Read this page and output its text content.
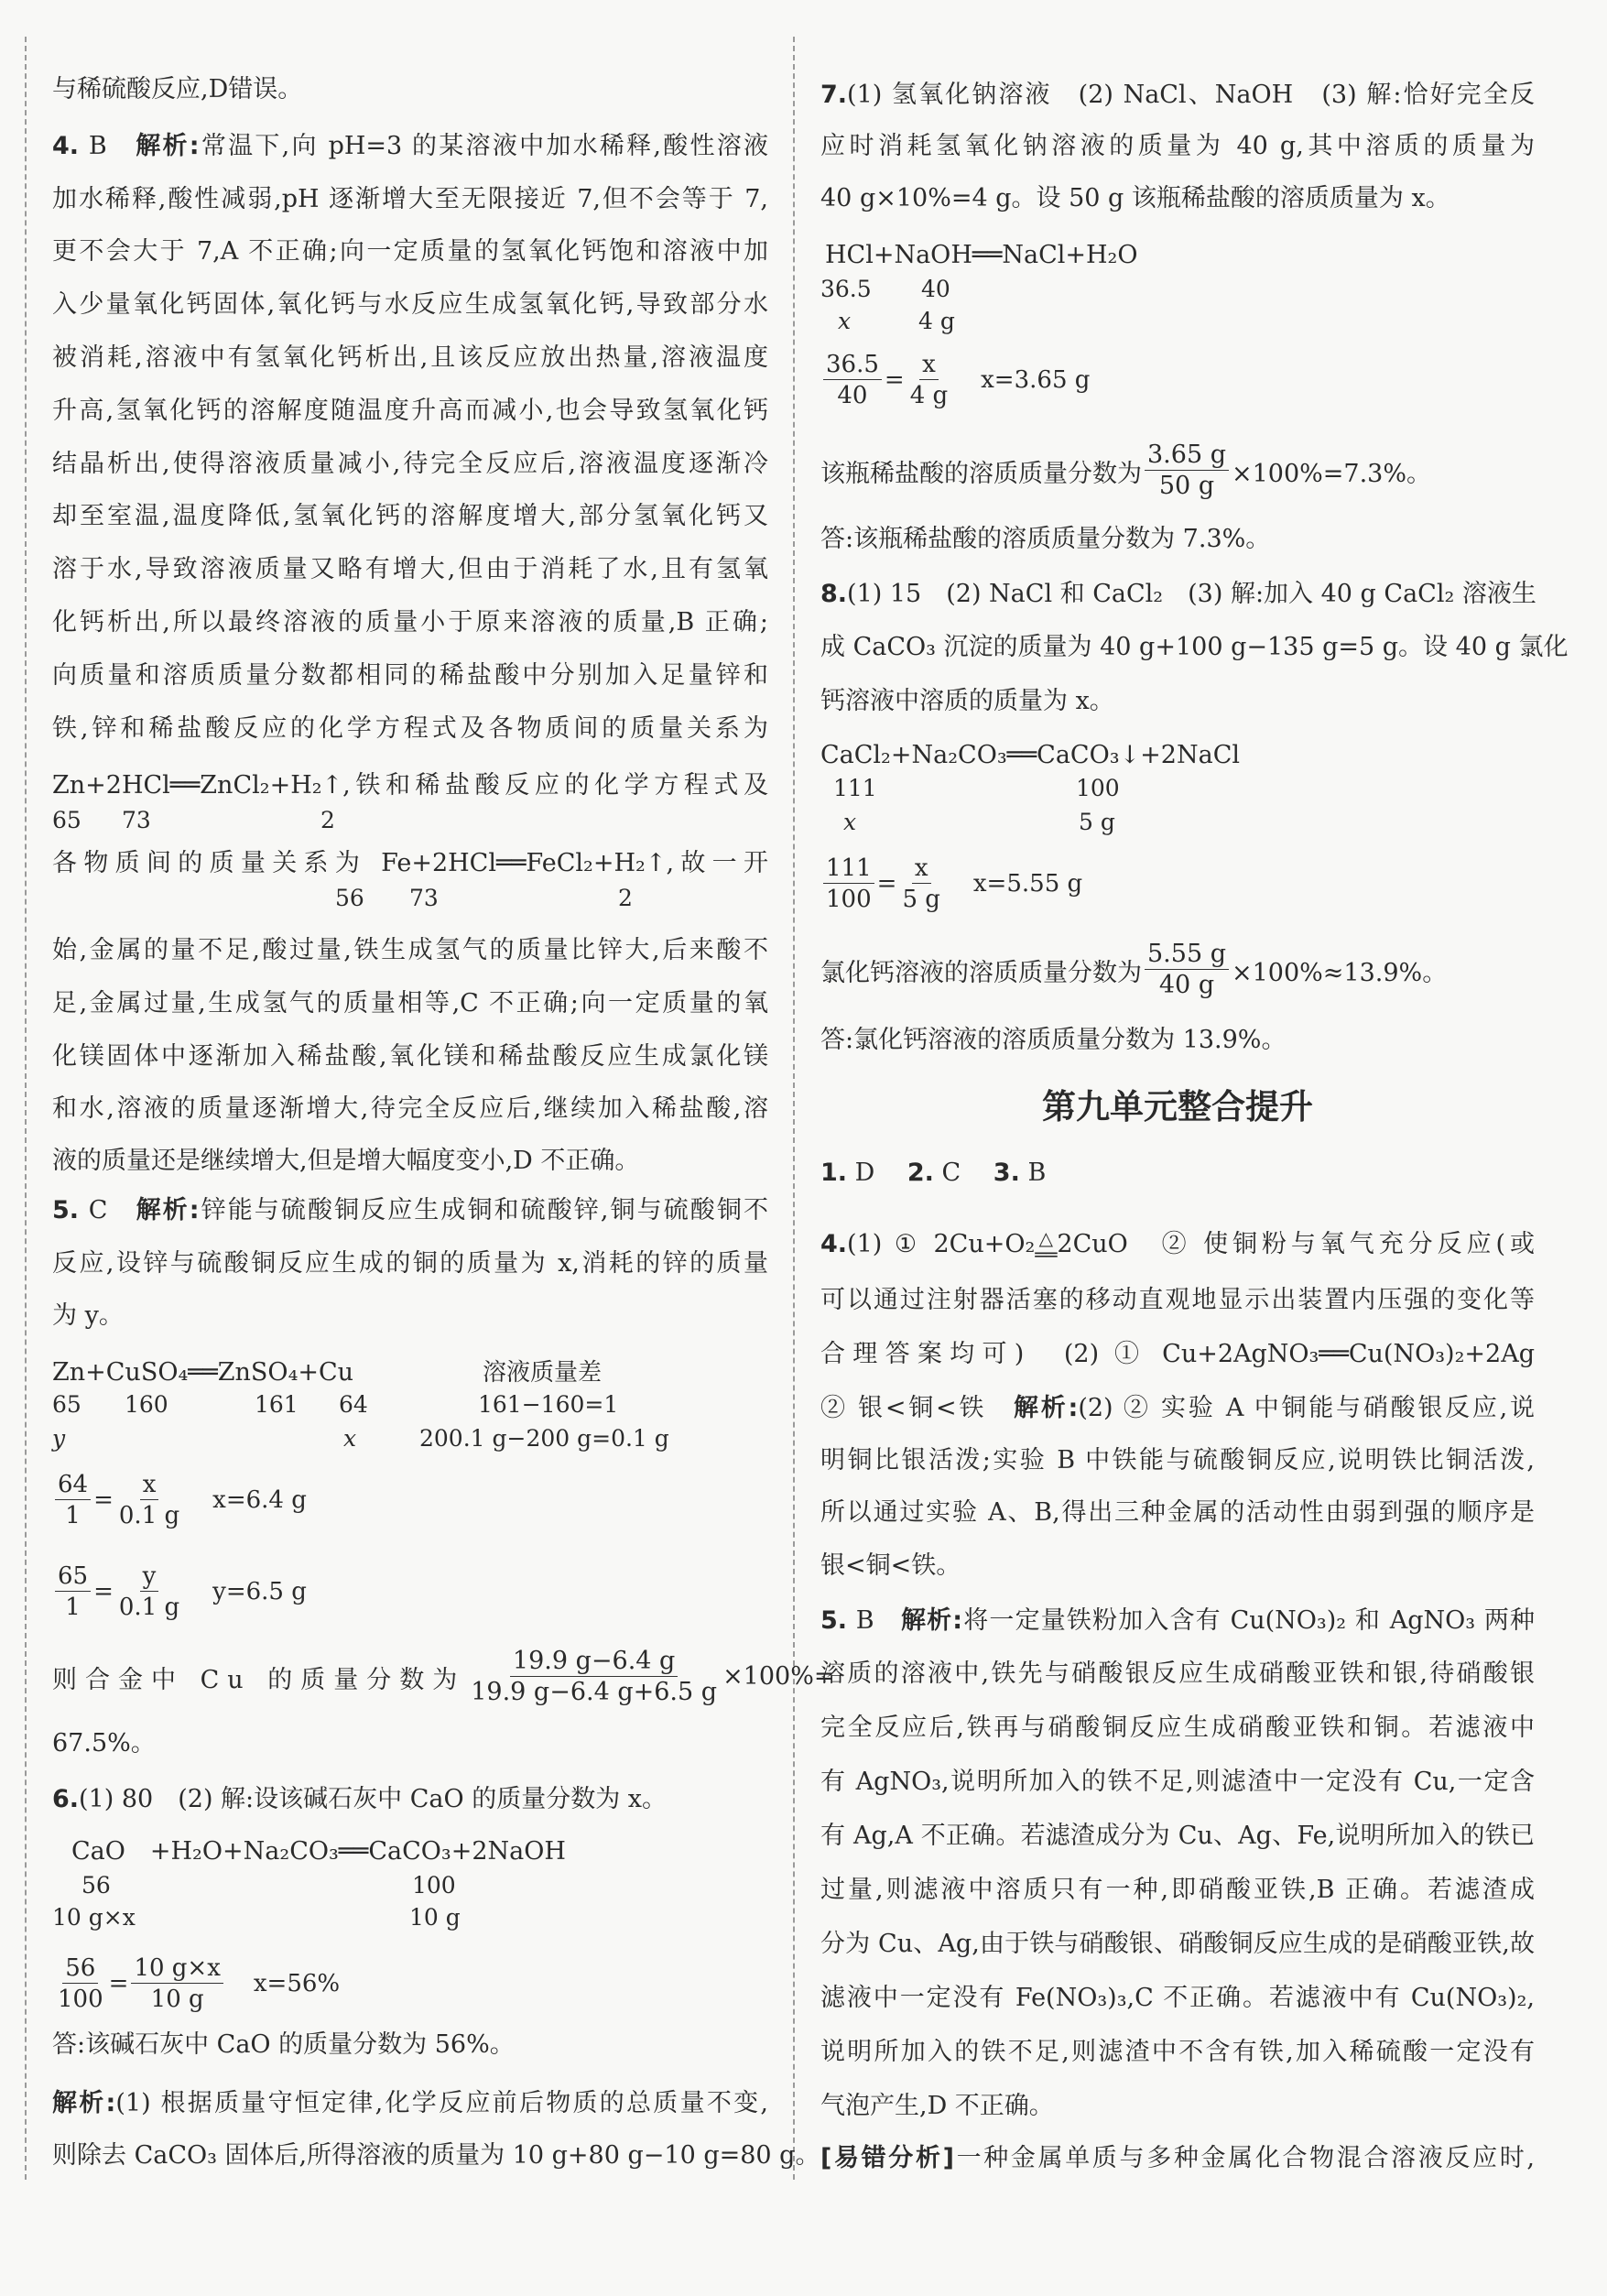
与稀硫酸反应,D错误。
4. B　 解析:常温下,向 pH=3 的某溶液中加水稀释,酸性溶液
加水稀释,酸性减弱,pH 逐渐增大至无限接近 7,但不会等于 7,
更不会大于 7,A 不正确;向一定质量的氢氧化钙饱和溶液中加
入少量氧化钙固体,氧化钙与水反应生成氢氧化钙,导致部分水
被消耗,溶液中有氢氧化钙析出,且该反应放出热量,溶液温度
升高,氢氧化钙的溶解度随温度升高而减小,也会导致氢氧化钙
结晶析出,使得溶液质量减小,待完全反应后,溶液温度逐渐冷
却至室温,温度降低,氢氧化钙的溶解度增大,部分氢氧化钙又
溶于水,导致溶液质量又略有增大,但由于消耗了水,且有氢氧
化钙析出,所以最终溶液的质量小于原来溶液的质量,B 正确;
向质量和溶质质量分数都相同的稀盐酸中分别加入足量锌和
铁,锌和稀盐酸反应的化学方程式及各物质间的质量关系为
Zn+2HCl══ZnCl₂+H₂↑,铁和稀盐酸反应的化学方程式及
65 73	2
各物质间的质量关系为 Fe+2HCl══FeCl₂+H₂↑,故一开
56 73	2
始,金属的量不足,酸过量,铁生成氢气的质量比锌大,后来酸不
足,金属过量,生成氢气的质量相等,C 不正确;向一定质量的氧
化镁固体中逐渐加入稀盐酸,氧化镁和稀盐酸反应生成氯化镁
和水,溶液的质量逐渐增大,待完全反应后,继续加入稀盐酸,溶
液的质量还是继续增大,但是增大幅度变小,D 不正确。
5. C　 解析:锌能与硫酸铜反应生成铜和硫酸锌,铜与硫酸铜不
反应,设锌与硫酸铜反应生成的铜的质量为 x,消耗的锌的质量
为 y。
Zn+CuSO₄══ZnSO₄+Cu	溶液质量差
65 160	161 64	161−160=1
y	x	200.1 g−200 g=0.1 g
$\frac{64}{1} = \frac{x}{0.1 g} x=6.4$ g
$\frac{65}{1} = \frac{y}{0.1 g} y=6.5$ g
则合金中 Cu 的质量分数为 $\frac{19.9 g-6.4 g}{19.9 g-6.4 g+6.5 g} \times 100\%=$
67.5%。
6.(1) 80　(2) 解:设该碱石灰中 CaO 的质量分数为 x。
CaO　+H₂O+Na₂CO₃══CaCO₃+2NaOH
56	100
10 g×x	10 g
$\frac{56}{100} = \frac{10 g\times x}{10 g} x=56\%$
答:该碱石灰中 CaO 的质量分数为 56%。
解析:(1) 根据质量守恒定律,化学反应前后物质的总质量不变,
则除去 CaCO₃ 固体后,所得溶液的质量为 10 g+80 g−10 g=80 g。
7.(1) 氢氧化钠溶液　(2) NaCl、NaOH　(3) 解:恰好完全反
应时消耗氢氧化钠溶液的质量为 40 g,其中溶质的质量为
40 g×10%=4 g。设 50 g 该瓶稀盐酸的溶质质量为 x。
HCl+NaOH══NaCl+H₂O
36.5 40
x	4 g
$\frac{36.5}{40} = \frac{x}{4 g} x=3.65$ g
该瓶稀盐酸的溶质质量分数为 $\frac{3.65 g}{50 g} \times 100\%=7.3\%$。
答:该瓶稀盐酸的溶质质量分数为 7.3%。
8.(1) 15　(2) NaCl 和 CaCl₂　(3) 解:加入 40 g CaCl₂ 溶液生
成 CaCO₃ 沉淀的质量为 40 g+100 g−135 g=5 g。设 40 g 氯化
钙溶液中溶质的质量为 x。
CaCl₂+Na₂CO₃══CaCO₃↓+2NaCl
111	100
x	5 g
$\frac{111}{100} = \frac{x}{5 g} x=5.55$ g
氯化钙溶液的溶质质量分数为 $\frac{5.55 g}{40 g} \times 100\%\approx 13.9\%$。
答:氯化钙溶液的溶质质量分数为 13.9%。
第九单元整合提升
1. D　 2. C　 3. B
4.(1) ① 2Cu+O₂ △
══ 2CuO　② 使铜粉与氧气充分反应(或
可以通过注射器活塞的移动直观地显示出装置内压强的变化等
合理答案均可)　(2) ① Cu+2AgNO₃══Cu(NO₃)₂+2Ag
② 银<铜<铁　解析:(2) ② 实验 A 中铜能与硝酸银反应,说
明铜比银活泼;实验 B 中铁能与硫酸铜反应,说明铁比铜活泼,
所以通过实验 A、B,得出三种金属的活动性由弱到强的顺序是
银<铜<铁。
5. B　 解析:将一定量铁粉加入含有 Cu(NO₃)₂ 和 AgNO₃ 两种
溶质的溶液中,铁先与硝酸银反应生成硝酸亚铁和银,待硝酸银
完全反应后,铁再与硝酸铜反应生成硝酸亚铁和铜。若滤液中
有 AgNO₃,说明所加入的铁不足,则滤渣中一定没有 Cu,一定含
有 Ag,A 不正确。若滤渣成分为 Cu、Ag、Fe,说明所加入的铁已
过量,则滤液中溶质只有一种,即硝酸亚铁,B 正确。若滤渣成
分为 Cu、Ag,由于铁与硝酸银、硝酸铜反应生成的是硝酸亚铁,故
滤液中一定没有 Fe(NO₃)₃,C 不正确。若滤液中有 Cu(NO₃)₂,
说明所加入的铁不足,则滤渣中不含有铁,加入稀硫酸一定没有
气泡产生,D 不正确。
[易错分析]一种金属单质与多种金属化合物混合溶液反应时,
